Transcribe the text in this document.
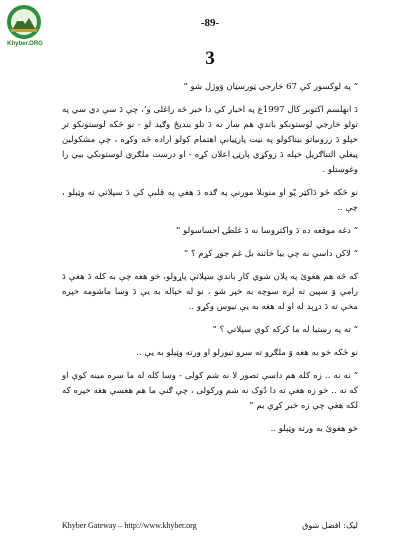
Khyber.ORG
-89-
3

“ په لوکسور کې 67 خارجي ټورسټان وَوژل شو ”

دَ انهلسم اکتوبر کال 1997ع په اخبار کې دا خبر څه راغلی و‘، چې دَ سې دي سي په تولو خارجي لوستونکو باندې هم ښار نه دَ تلو بندیځ وګید لو - نو څکه لوستونکو تر خپلو دَ زرونیاتو بیناکولو په نیت پارټیانې اهتمام کولو اراده څه وکړه ، چې مشکولین پیغلې التناګریل خپله دَ زوکړي پارټۍ اعلان کړه - او درست ملګري لوستونکي بېي را وغوښتلو .

نو څکه څو دَاکټر پّو او منوبلا مورنې په ګده دَ هغې په قلبې کې دَ سپلاتې ته وټېلو ، چې ..

“ دغه موقعه ده دَ واکتروسا نه دَ غلطۍ احساسولو ”

“ لاکن داسې نه چې بیا خاتنه بل غم جوړ کړم ؟ ”

که څه هم هغوئ په پلان شوي کار باندې سپلاتې پاړولو، خو هغه چې به کله دَ هغې دَ رامې وَ سپین ته لږه سوچه به خپر شو ، نو له خپاله به یې دَ وسا ماشومه خپره مخې ته دَ دړېد له او له هغه به یې تیوس وکړو ..

“ ته په رښتیا له ما کرکه کوې سپلاتې ؟ ”

نو څکه خو به هغه وَ ملګرو ته سرو تیورلو او ورته وټېلو به یې ..

“ نه نه .. زه کله هم داسې تصور لا نه شم کولی - وسا کله له ما سره مینه کوې او که نه .. خو زه هغې ته دا دُوک نه شم ورکولی ، چې ګنې ما هم هغسې هغه خپره که لکه هغې چې زه خبر کړې یم ”

خو هغوئ به ورته وټېلو ..

Khyber Gateway – http://www.khyber.org	لیک: افضل شوق
